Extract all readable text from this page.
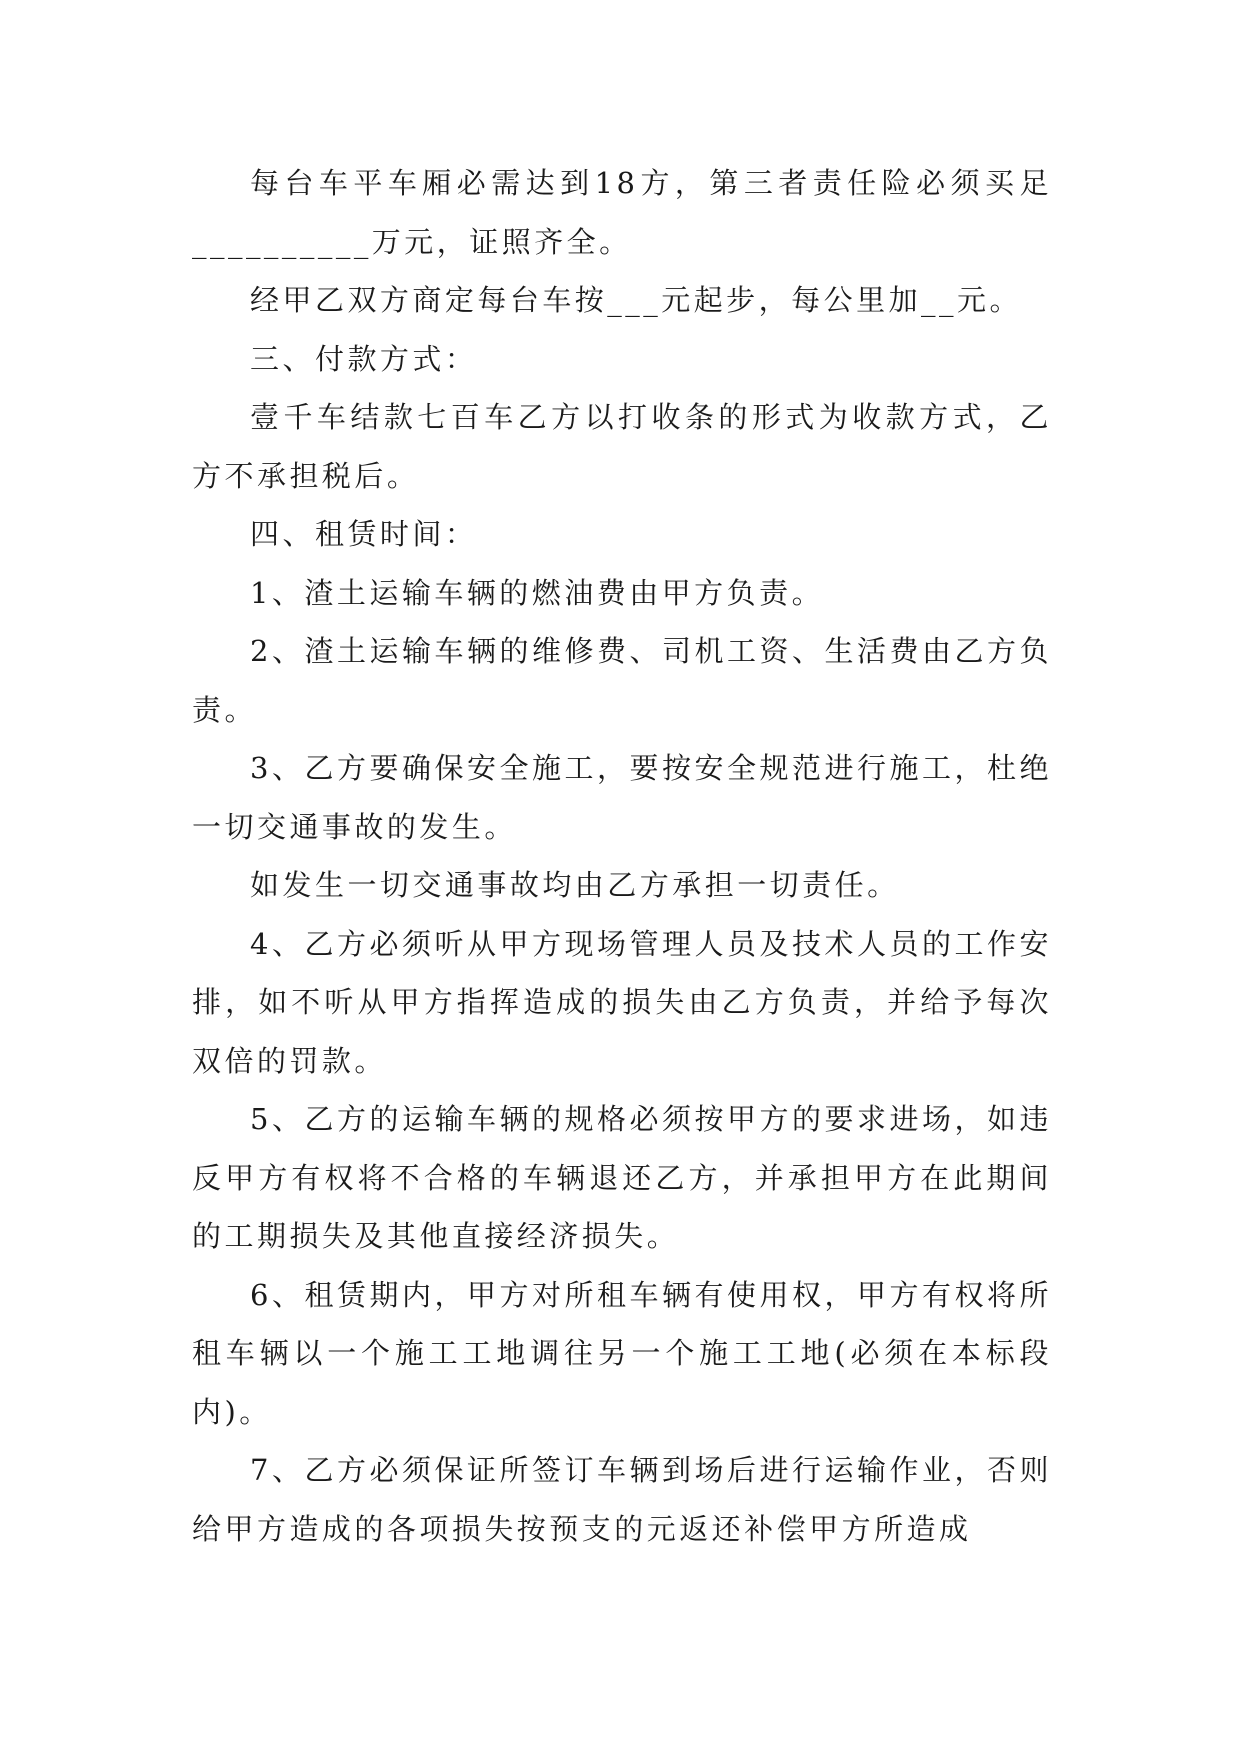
每台车平车厢必需达到18方，第三者责任险必须买足__________万元，证照齐全。

经甲乙双方商定每台车按___元起步，每公里加__元。

三、付款方式：

壹千车结款七百车乙方以打收条的形式为收款方式，乙方不承担税后。

四、租赁时间：

1、渣土运输车辆的燃油费由甲方负责。

2、渣土运输车辆的维修费、司机工资、生活费由乙方负责。

3、乙方要确保安全施工，要按安全规范进行施工，杜绝一切交通事故的发生。

如发生一切交通事故均由乙方承担一切责任。

4、乙方必须听从甲方现场管理人员及技术人员的工作安排，如不听从甲方指挥造成的损失由乙方负责，并给予每次双倍的罚款。

5、乙方的运输车辆的规格必须按甲方的要求进场，如违反甲方有权将不合格的车辆退还乙方，并承担甲方在此期间的工期损失及其他直接经济损失。

6、租赁期内，甲方对所租车辆有使用权，甲方有权将所租车辆以一个施工工地调往另一个施工工地(必须在本标段内)。

7、乙方必须保证所签订车辆到场后进行运输作业，否则给甲方造成的各项损失按预支的元返还补偿甲方所造成
